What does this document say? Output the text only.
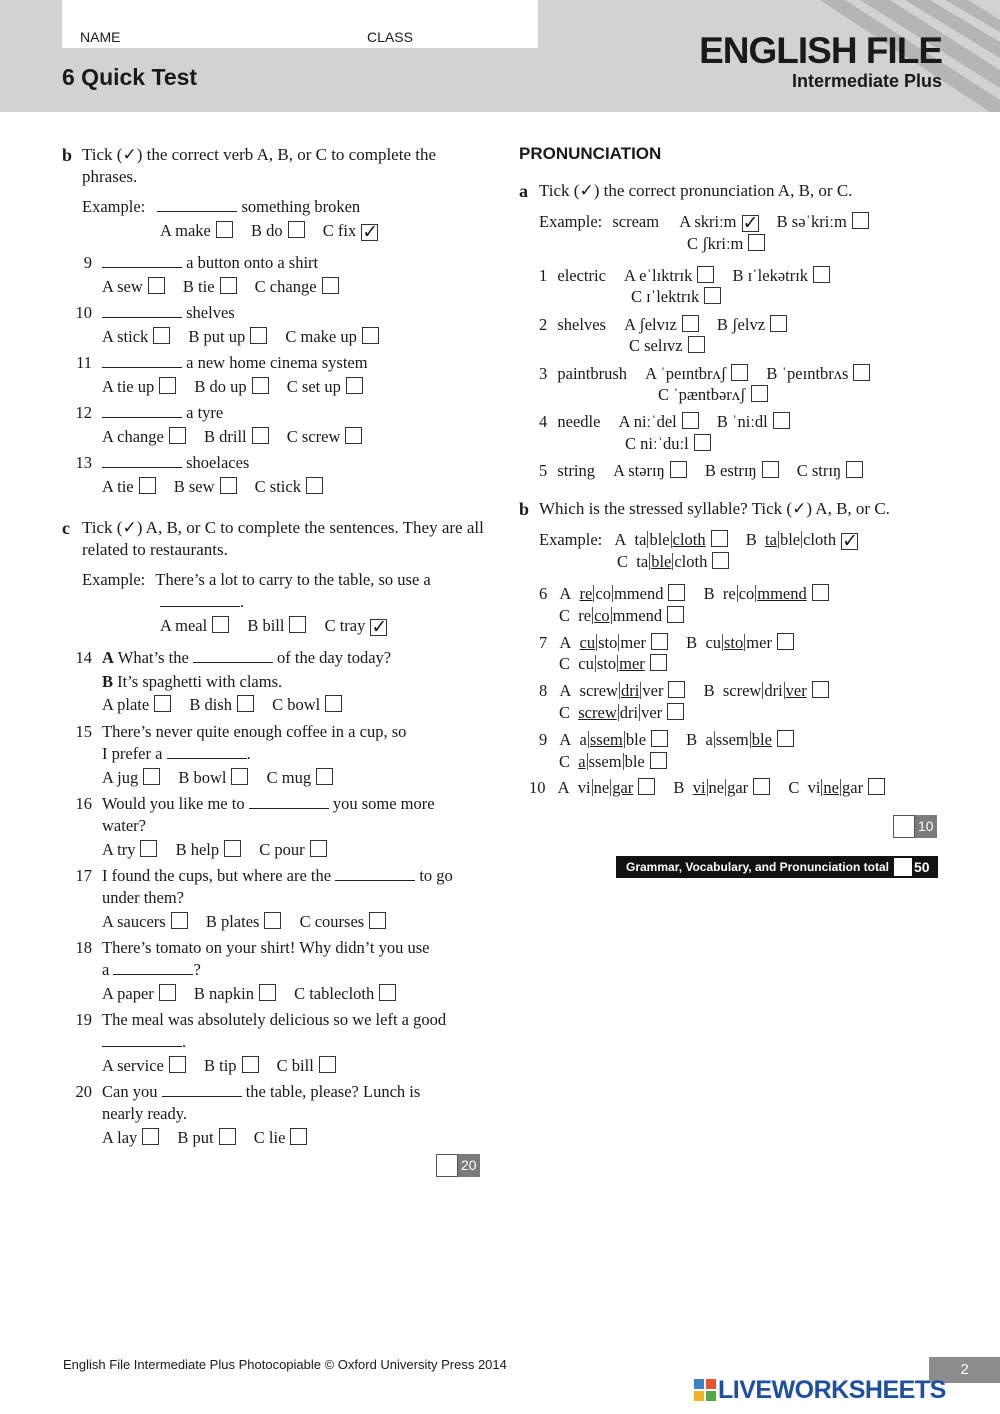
NAME	CLASS
6 Quick Test
ENGLISH FILE
Intermediate Plus
b Tick (✓) the correct verb A, B, or C to complete the phrases.
Example:	something broken
A make B do C fix ✓
9	a button onto a shirt
A sew B tie C change
10	shelves
A stick B put up C make up
11	a new home cinema system
A tie up B do up C set up
12	a tyre
A change B drill C screw
13	shoelaces
A tie B sew C stick
c Tick (✓) A, B, or C to complete the sentences. They are all related to restaurants.
Example: There’s a lot to carry to the table, so use a
.
A meal B bill C tray ✓
14 A What’s the	of the day today?
B It’s spaghetti with clams.
A plate B dish C bowl
15 There’s never quite enough coffee in a cup, so
I prefer a	.
A jug B bowl C mug
16 Would you like me to	you some more
water?
A try B help C pour
17 I found the cups, but where are the	to go
under them?
A saucers B plates C courses
18 There’s tomato on your shirt! Why didn’t you use
a	?
A paper B napkin C tablecloth
19 The meal was absolutely delicious so we left a good
.
A service B tip C bill
20 Can you	the table, please? Lunch is
nearly ready.
A lay B put C lie
20
PRONUNCIATION
a Tick (✓) the correct pronunciation A, B, or C.
Example: scream A skriːm ✓ B səˈkriːm
C ʃkriːm
1 electric A eˈlɪktrɪk B ɪˈlekətrɪk
C ɪˈlektrɪk
2 shelves A ʃelvɪz B ʃelvz
C selɪvz
3 paintbrush A ˈpeɪntbrʌʃ B ˈpeɪntbrʌs
C ˈpæntbərʌʃ
4 needle A niːˈdel B ˈniːdl
C niːˈduːl
5 string A stərɪŋ B estrɪŋ C strɪŋ
b Which is the stressed syllable? Tick (✓) A, B, or C.
Example: A ta ble cloth B ta ble cloth ✓
C ta ble cloth
6 A re co mmend B re co mmend
C re co mmend
7 A cu sto mer B cu sto mer
C cu sto mer
8 A screw dri ver B screw dri ver
C screw dri ver
9 A a ssem ble B a ssem ble
C a ssem ble
10 A vi ne gar B vi ne gar C vi ne gar
10
Grammar, Vocabulary, and Pronunciation total 50
English File Intermediate Plus Photocopiable © Oxford University Press 2014	2
LIVEWORKSHEETS
